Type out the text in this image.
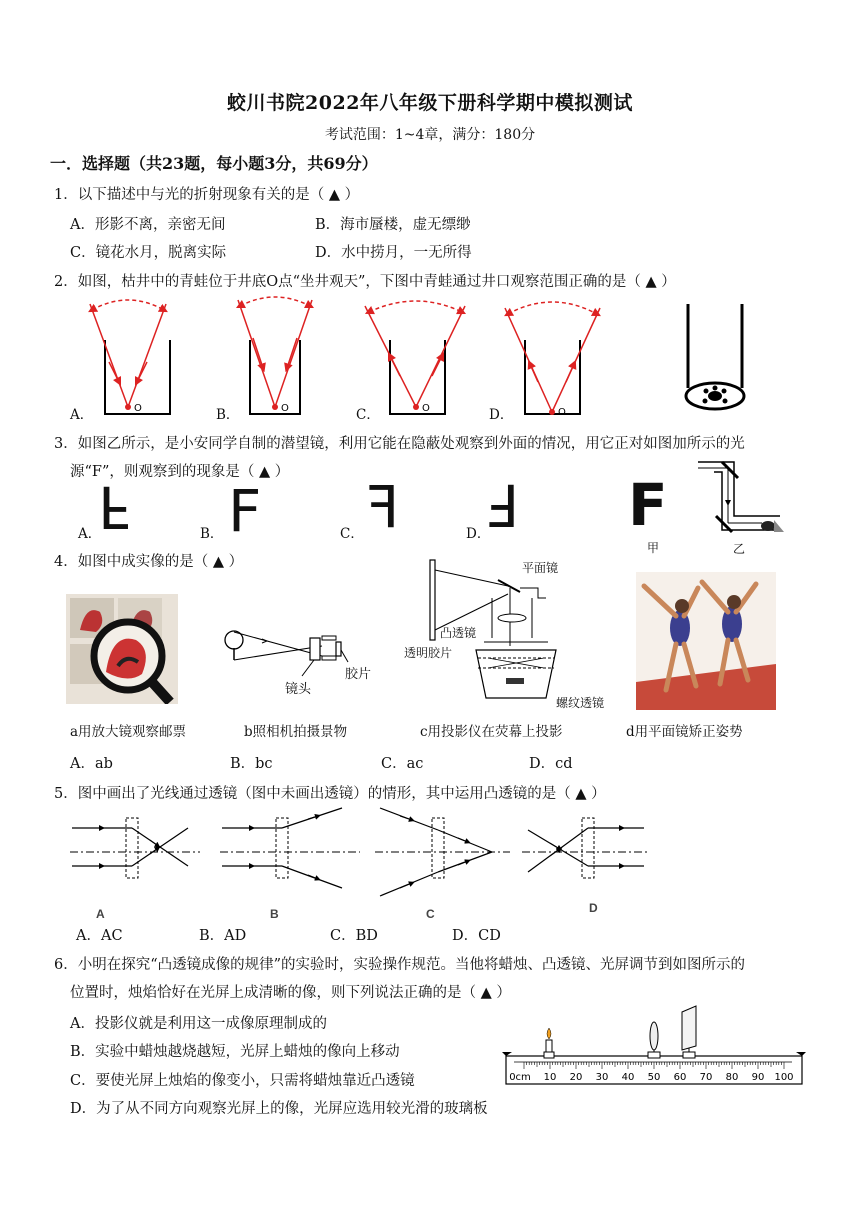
蛟川书院2022年八年级下册科学期中模拟测试
考试范围：1~4章，满分：180分
一．选择题（共23题，每小题3分，共69分）
1．以下描述中与光的折射现象有关的是（ ▲ ）
A．形影不离，亲密无间	B．海市蜃楼，虚无缥缈
C．镜花水月，脱离实际	D．水中捞月，一无所得
2．如图，枯井中的青蛙位于井底O点“坐井观天”，下图中青蛙通过井口观察范围正确的是（ ▲ ）
O	O	O	O
A．	B．	C．	D．
3．如图乙所示，是小安同学自制的潜望镜，利用它能在隐蔽处观察到外面的情况，用它正对如图加所示的光
源“F”，则观察到的现象是（ ▲ ）
A．
F	B． F	C． F	D．
F F
甲	乙
4．如图中成实像的是（ ▲ ）
镜头
胶片
平面镜
凸透镜
透明胶片
螺纹透镜
a用放大镜观察邮票	b照相机拍摄景物	c用投影仪在荧幕上投影	d用平面镜矫正姿势
A．ab	B．bc	C．ac	D．cd
5．图中画出了光线通过透镜（图中未画出透镜）的情形，其中运用凸透镜的是（ ▲ ）
A	B	C	D
A．AC	B．AD	C．BD	D．CD
6．小明在探究“凸透镜成像的规律”的实验时，实验操作规范。当他将蜡烛、凸透镜、光屏调节到如图所示的
位置时，烛焰恰好在光屏上成清晰的像，则下列说法正确的是（ ▲ ）
A．投影仪就是利用这一成像原理制成的
B．实验中蜡烛越烧越短，光屏上蜡烛的像向上移动
C．要使光屏上烛焰的像变小，只需将蜡烛靠近凸透镜
D．为了从不同方向观察光屏上的像，光屏应选用较光滑的玻璃板
0cm 10 20 30 40 50 60 70 80 90 100
